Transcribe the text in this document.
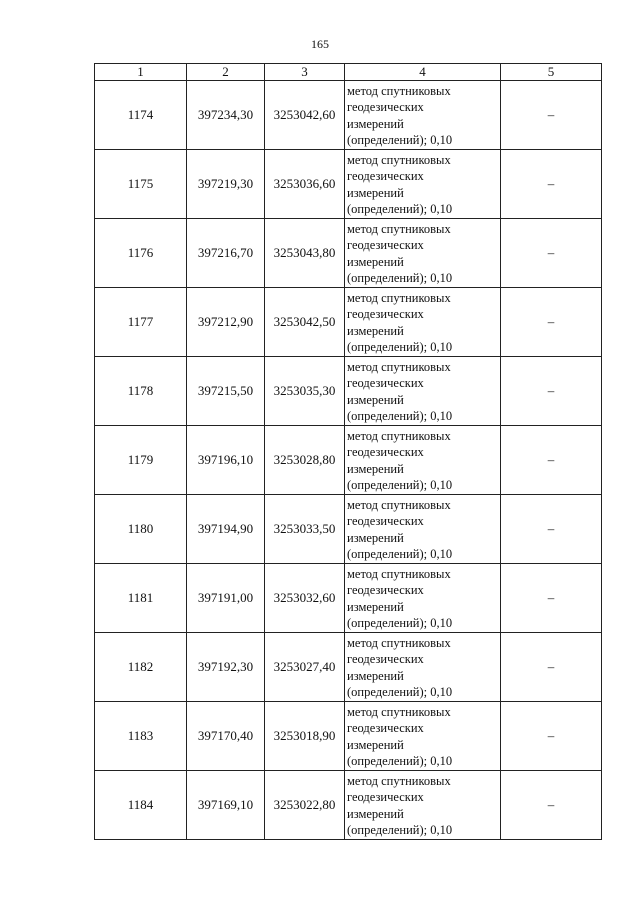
165
1	2	3	4	5
1174	397234,30	3253042,60	метод спутниковых
геодезических
измерений
(определений); 0,10	–
1175	397219,30	3253036,60	метод спутниковых
геодезических
измерений
(определений); 0,10	–
1176	397216,70	3253043,80	метод спутниковых
геодезических
измерений
(определений); 0,10	–
1177	397212,90	3253042,50	метод спутниковых
геодезических
измерений
(определений); 0,10	–
1178	397215,50	3253035,30	метод спутниковых
геодезических
измерений
(определений); 0,10	–
1179	397196,10	3253028,80	метод спутниковых
геодезических
измерений
(определений); 0,10	–
1180	397194,90	3253033,50	метод спутниковых
геодезических
измерений
(определений); 0,10	–
1181	397191,00	3253032,60	метод спутниковых
геодезических
измерений
(определений); 0,10	–
1182	397192,30	3253027,40	метод спутниковых
геодезических
измерений
(определений); 0,10	–
1183	397170,40	3253018,90	метод спутниковых
геодезических
измерений
(определений); 0,10	–
1184	397169,10	3253022,80	метод спутниковых
геодезических
измерений
(определений); 0,10	–
